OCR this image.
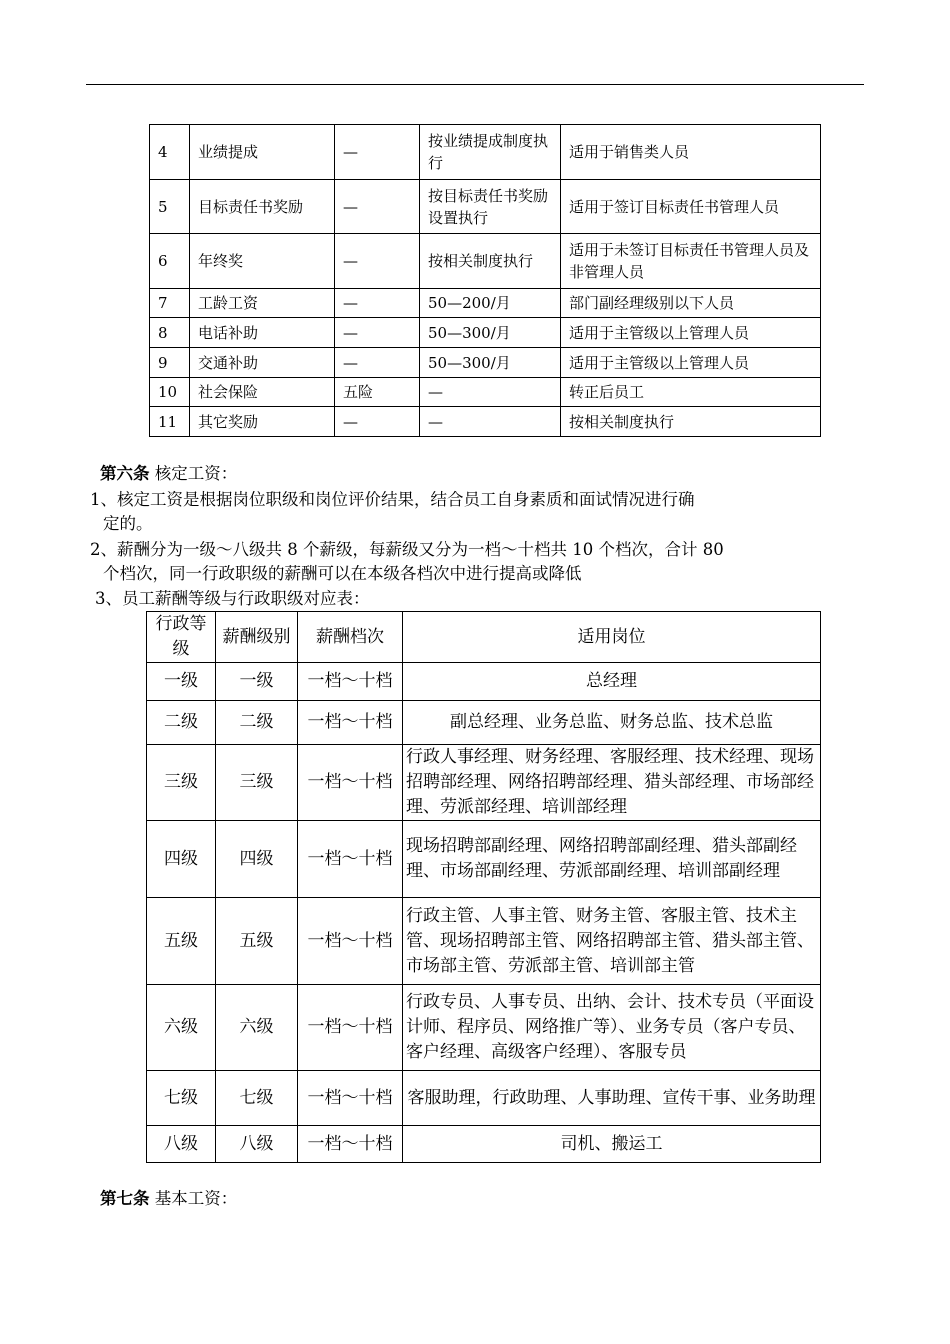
4	业绩提成	—	按业绩提成制度执行	适用于销售类人员
5	目标责任书奖励	—	按目标责任书奖励设置执行	适用于签订目标责任书管理人员
6	年终奖	—	按相关制度执行	适用于未签订目标责任书管理人员及非管理人员
7	工龄工资	—	50—200/月	部门副经理级别以下人员
8	电话补助	—	50—300/月	适用于主管级以上管理人员
9	交通补助	—	50—300/月	适用于主管级以上管理人员
10	社会保险	五险	—	转正后员工
11	其它奖励	—	—	按相关制度执行
第六条 核定工资：
1、核定工资是根据岗位职级和岗位评价结果，结合员工自身素质和面试情况进行确
定的。
2、薪酬分为一级～八级共 8 个薪级，每薪级又分为一档～十档共 10 个档次，合计 80
个档次，同一行政职级的薪酬可以在本级各档次中进行提高或降低
3、员工薪酬等级与行政职级对应表：
行政等级	薪酬级别	薪酬档次	适用岗位
一级	一级	一档～十档	总经理
二级	二级	一档～十档	副总经理、业务总监、财务总监、技术总监
三级	三级	一档～十档	行政人事经理、财务经理、客服经理、技术经理、现场招聘部经理、网络招聘部经理、猎头部经理、市场部经理、劳派部经理、培训部经理
四级	四级	一档～十档	现场招聘部副经理、网络招聘部副经理、猎头部副经理、市场部副经理、劳派部副经理、培训部副经理
五级	五级	一档～十档	行政主管、人事主管、财务主管、客服主管、技术主管、现场招聘部主管、网络招聘部主管、猎头部主管、市场部主管、劳派部主管、培训部主管
六级	六级	一档～十档	行政专员、人事专员、出纳、会计、技术专员（平面设计师、程序员、网络推广等）、业务专员（客户专员、客户经理、高级客户经理）、客服专员
七级	七级	一档～十档	客服助理，行政助理、人事助理、宣传干事、业务助理
八级	八级	一档～十档	司机、搬运工
第七条 基本工资：
